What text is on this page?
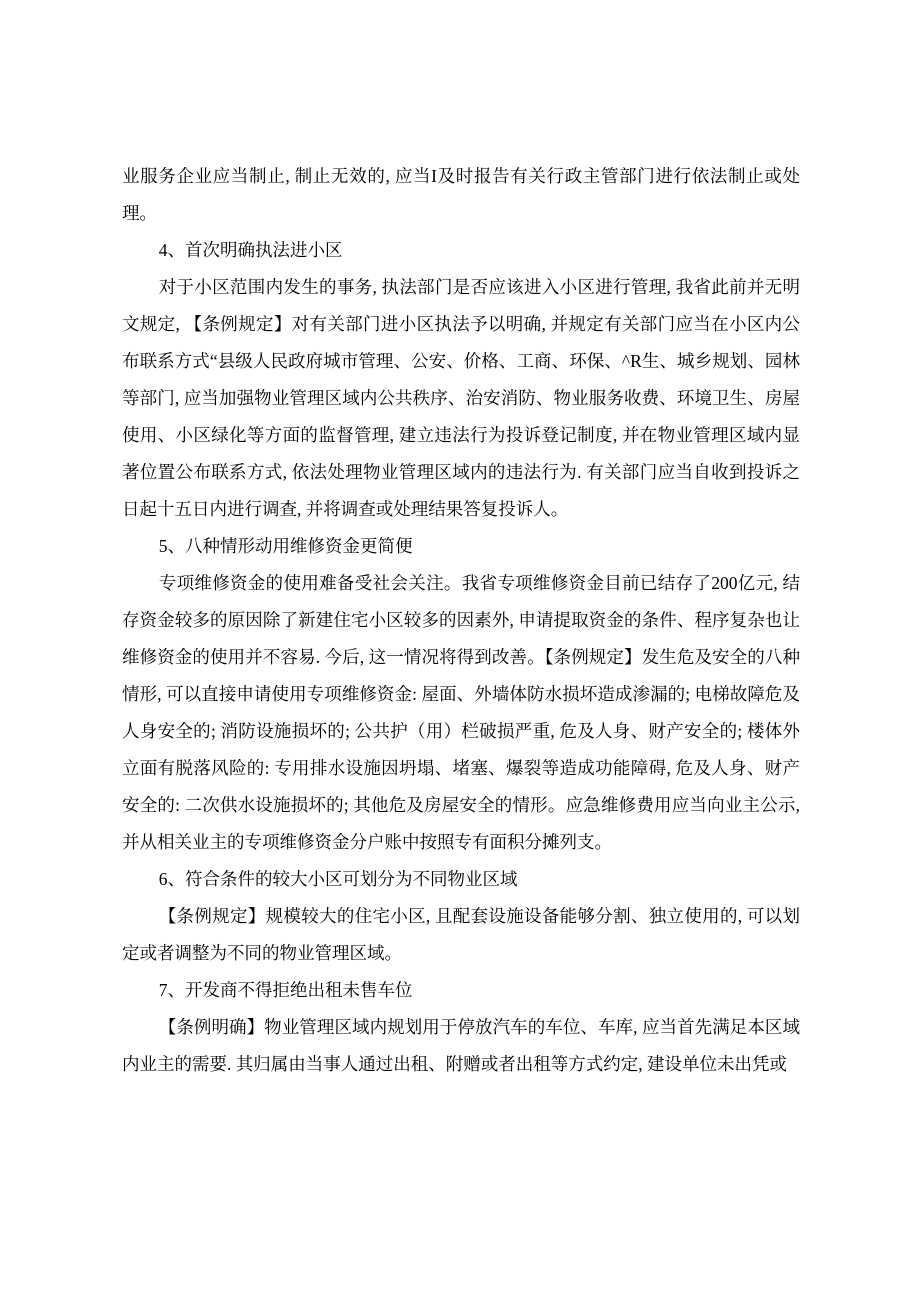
业服务企业应当制止, 制止无效的, 应当I及时报告有关行政主管部门进行依法制止或处理。

4、首次明确执法进小区

对于小区范围内发生的事务, 执法部门是否应该进入小区进行管理, 我省此前并无明文规定, 【条例规定】对有关部门进小区执法予以明确, 并规定有关部门应当在小区内公布联系方式“县级人民政府城市管理、公安、价格、工商、环保、^R生、城乡规划、园林等部门, 应当加强物业管理区域内公共秩序、治安消防、物业服务收费、环境卫生、房屋使用、小区绿化等方面的监督管理, 建立违法行为投诉登记制度, 并在物业管理区域内显著位置公布联系方式, 依法处理物业管理区域内的违法行为. 有关部门应当自收到投诉之日起十五日内进行调查, 并将调查或处理结果答复投诉人。

5、八种情形动用维修资金更简便

专项维修资金的使用难备受社会关注。我省专项维修资金目前已结存了200亿元, 结存资金较多的原因除了新建住宅小区较多的因素外, 申请提取资金的条件、程序复杂也让维修资金的使用并不容易. 今后, 这一情况将得到改善。【条例规定】发生危及安全的八种情形, 可以直接申请使用专项维修资金: 屋面、外墙体防水损坏造成渗漏的; 电梯故障危及人身安全的; 消防设施损坏的; 公共护（用）栏破损严重, 危及人身、财产安全的; 楼体外立面有脱落风险的: 专用排水设施因坍塌、堵塞、爆裂等造成功能障碍, 危及人身、财产安全的: 二次供水设施损坏的; 其他危及房屋安全的情形。应急维修费用应当向业主公示, 并从相关业主的专项维修资金分户账中按照专有面积分摊列支。

6、符合条件的较大小区可划分为不同物业区域

【条例规定】规模较大的住宅小区, 且配套设施设备能够分割、独立使用的, 可以划定或者调整为不同的物业管理区域。

7、开发商不得拒绝出租未售车位

【条例明确】物业管理区域内规划用于停放汽车的车位、车库, 应当首先满足本区域内业主的需要. 其归属由当事人通过出租、附赠或者出租等方式约定, 建设单位未出凭或
